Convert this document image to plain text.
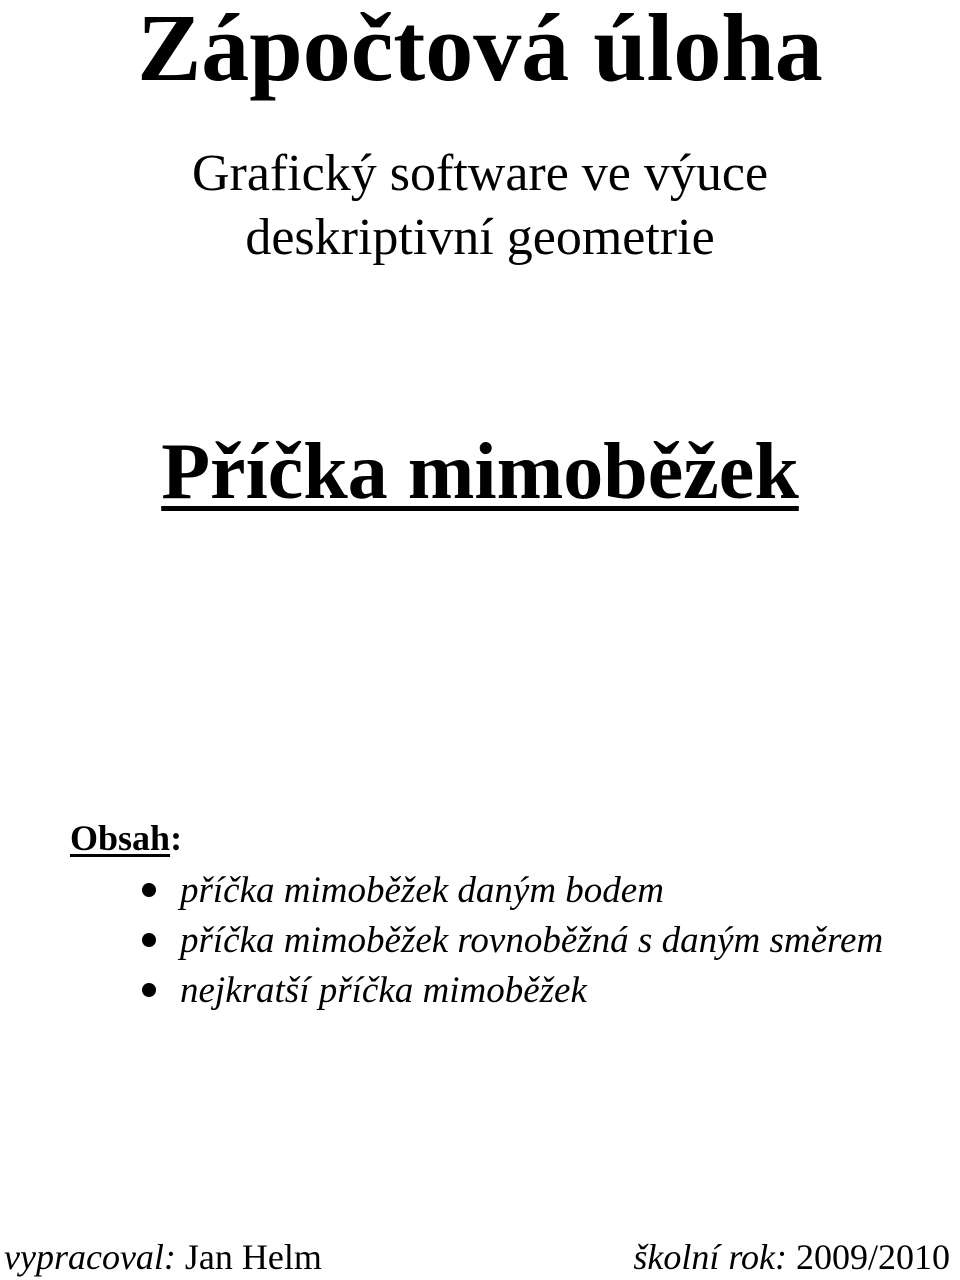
Zápočtová úloha
Grafický software ve výuce
deskriptivní geometrie
Příčka mimoběžek
Obsah:
příčka mimoběžek daným bodem
příčka mimoběžek rovnoběžná s daným směrem
nejkratší příčka mimoběžek
vypracoval: Jan Helm	školní rok: 2009/2010
